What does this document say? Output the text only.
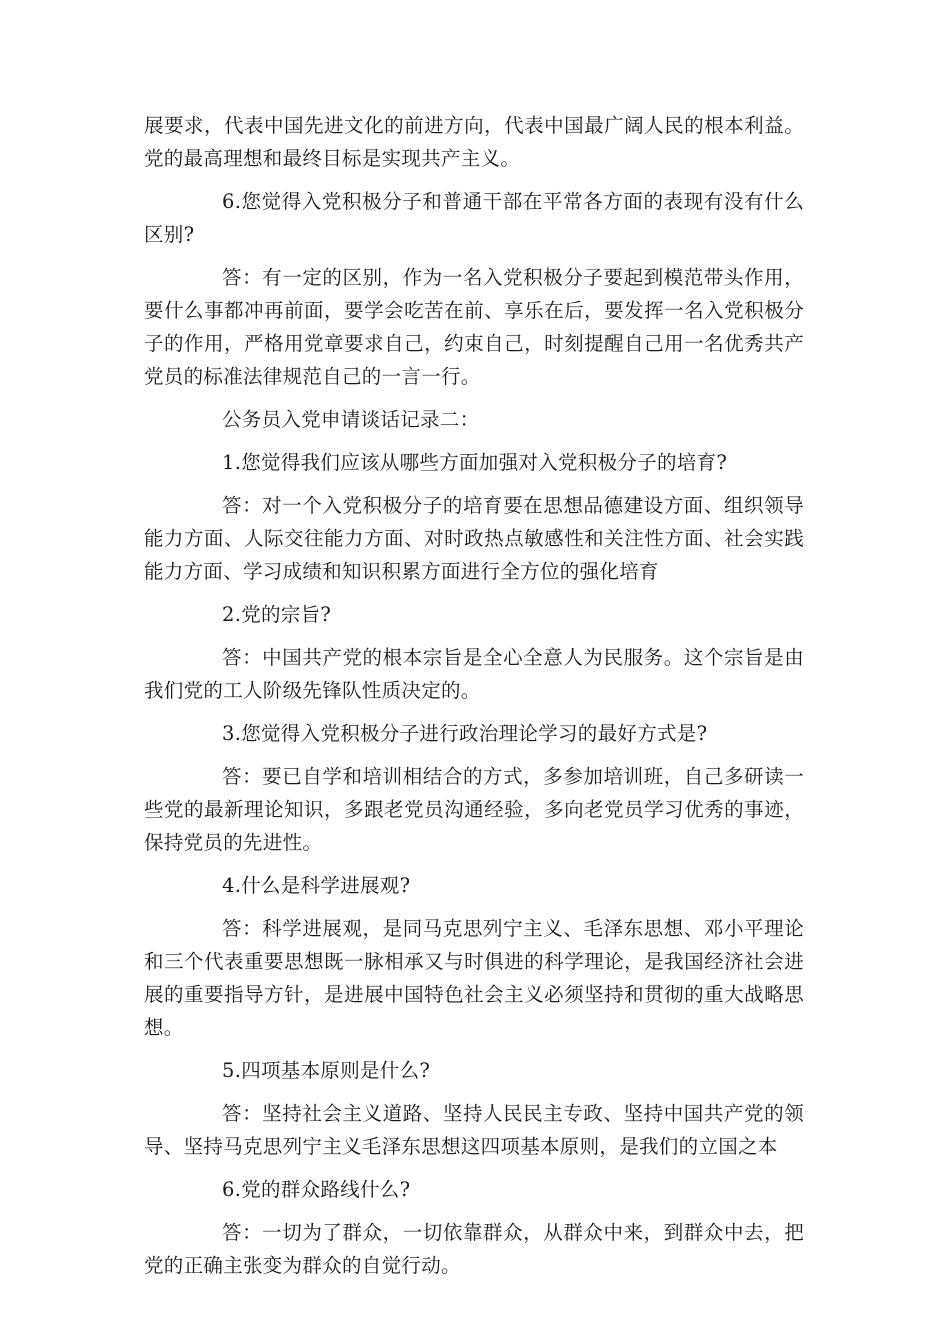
展要求，代表中国先进文化的前进方向，代表中国最广阔人民的根本利益。党的最高理想和最终目标是实现共产主义。

6.您觉得入党积极分子和普通干部在平常各方面的表现有没有什么区别?

答：有一定的区别，作为一名入党积极分子要起到模范带头作用，要什么事都冲再前面，要学会吃苦在前、享乐在后，要发挥一名入党积极分子的作用，严格用党章要求自己，约束自己，时刻提醒自己用一名优秀共产党员的标准法律规范自己的一言一行。

公务员入党申请谈话记录二：

1.您觉得我们应该从哪些方面加强对入党积极分子的培育?

答：对一个入党积极分子的培育要在思想品德建设方面、组织领导能力方面、人际交往能力方面、对时政热点敏感性和关注性方面、社会实践能力方面、学习成绩和知识积累方面进行全方位的强化培育

2.党的宗旨?

答：中国共产党的根本宗旨是全心全意人为民服务。这个宗旨是由我们党的工人阶级先锋队性质决定的。

3.您觉得入党积极分子进行政治理论学习的最好方式是?

答：要已自学和培训相结合的方式，多参加培训班，自己多研读一些党的最新理论知识，多跟老党员沟通经验，多向老党员学习优秀的事迹，保持党员的先进性。

4.什么是科学进展观?

答：科学进展观，是同马克思列宁主义、毛泽东思想、邓小平理论和三个代表重要思想既一脉相承又与时俱进的科学理论，是我国经济社会进展的重要指导方针，是进展中国特色社会主义必须坚持和贯彻的重大战略思想。

5.四项基本原则是什么?

答：坚持社会主义道路、坚持人民民主专政、坚持中国共产党的领导、坚持马克思列宁主义毛泽东思想这四项基本原则，是我们的立国之本

6.党的群众路线什么?

答：一切为了群众，一切依靠群众，从群众中来，到群众中去，把党的正确主张变为群众的自觉行动。
